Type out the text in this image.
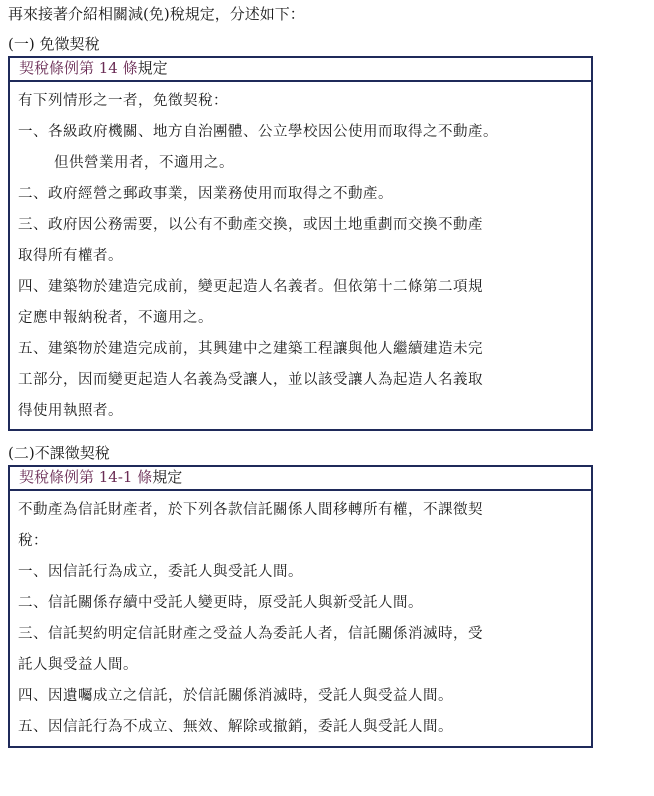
再來接著介紹相關減(免)稅規定，分述如下：
(一) 免徵契稅
契稅條例第 14 條規定

有下列情形之一者，免徵契稅：

一、各級政府機關、地方自治團體、公立學校因公使用而取得之不動產。

但供營業用者，不適用之。

二、政府經營之郵政事業，因業務使用而取得之不動產。

三、政府因公務需要，以公有不動產交換，或因土地重劃而交換不動產

取得所有權者。

四、建築物於建造完成前，變更起造人名義者。但依第十二條第二項規

定應申報納稅者，不適用之。

五、建築物於建造完成前，其興建中之建築工程讓與他人繼續建造未完

工部分，因而變更起造人名義為受讓人，並以該受讓人為起造人名義取

得使用執照者。

(二)不課徵契稅
契稅條例第 14-1 條規定

不動產為信託財產者，於下列各款信託關係人間移轉所有權，不課徵契

稅：

一、因信託行為成立，委託人與受託人間。

二、信託關係存續中受託人變更時，原受託人與新受託人間。

三、信託契約明定信託財產之受益人為委託人者，信託關係消滅時，受

託人與受益人間。

四、因遺囑成立之信託，於信託關係消滅時，受託人與受益人間。

五、因信託行為不成立、無效、解除或撤銷，委託人與受託人間。
